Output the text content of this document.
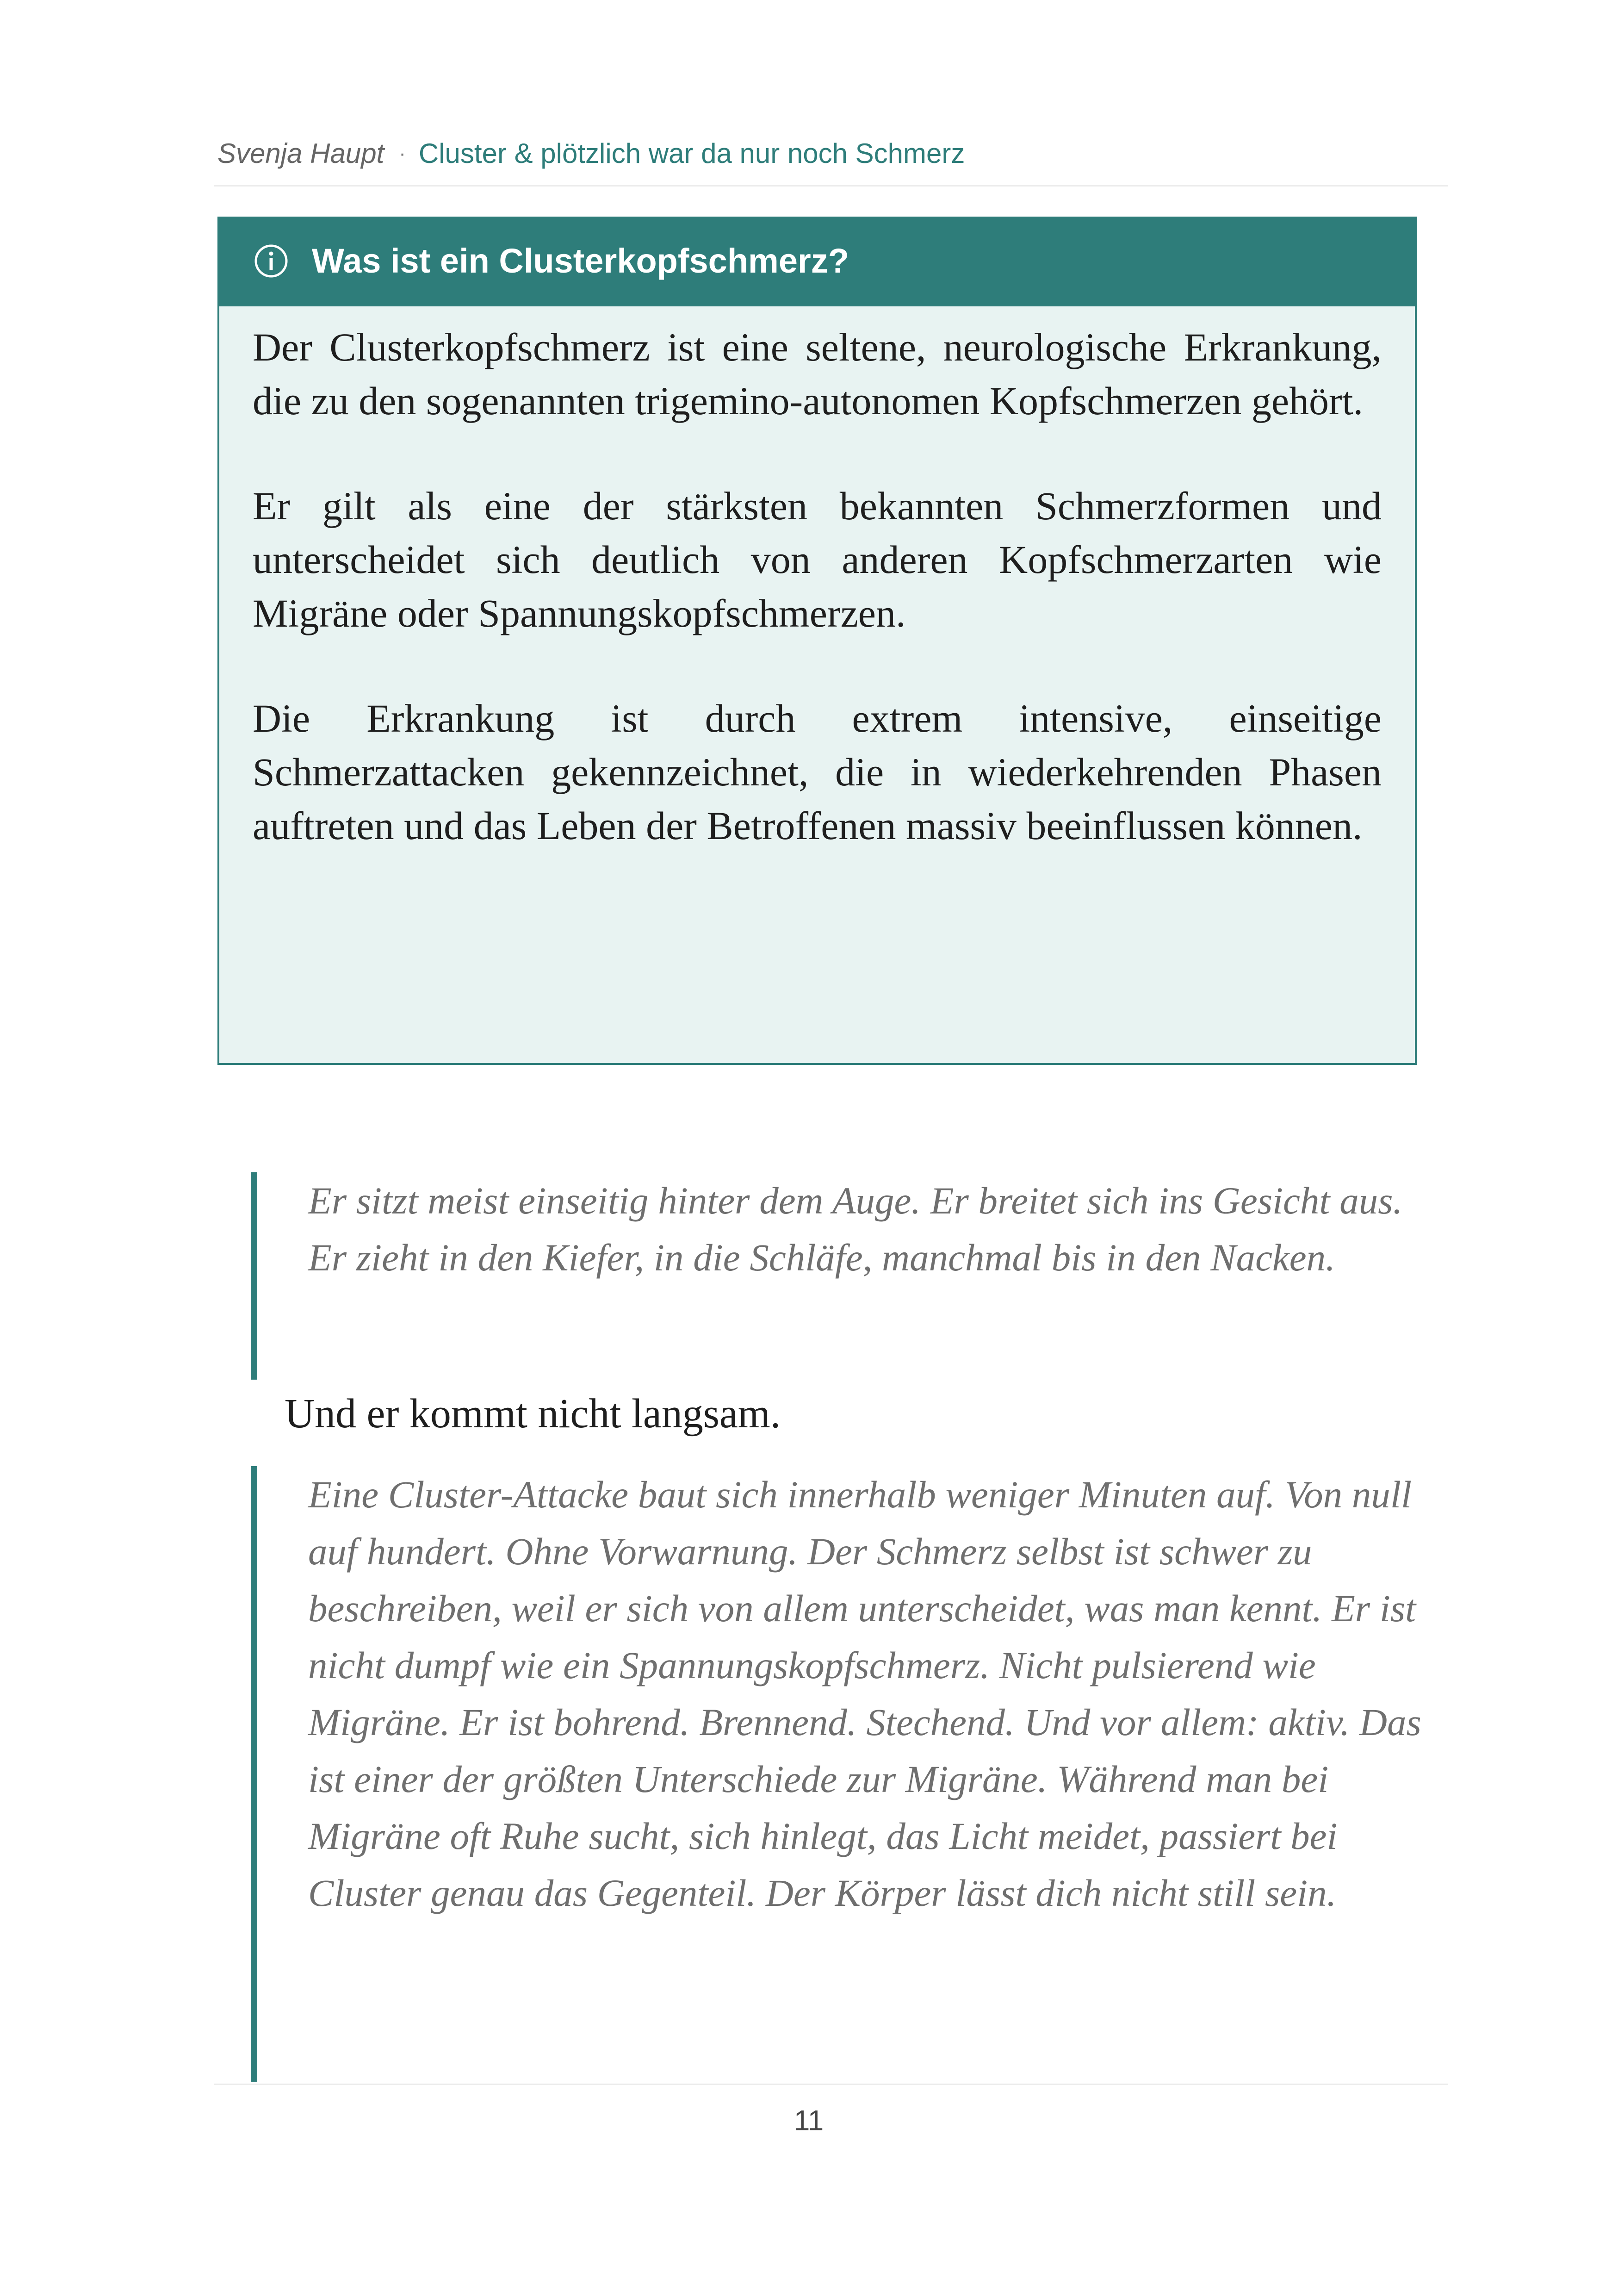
Svenja Haupt · Cluster & plötzlich war da nur noch Schmerz
Was ist ein Clusterkopfschmerz?

Der Clusterkopfschmerz ist eine seltene, neurologische Erkrankung, die zu den sogenannten trigemino-autonomen Kopfschmerzen gehört.

Er gilt als eine der stärksten bekannten Schmerzformen und unterscheidet sich deutlich von anderen Kopfschmerzarten wie Migräne oder Spannungskopfschmerzen.

Die Erkrankung ist durch extrem intensive, einseitige Schmerzattacken gekennzeichnet, die in wiederkehrenden Phasen auftreten und das Leben der Betroffenen massiv beeinflussen können.

Er sitzt meist einseitig hinter dem Auge. Er breitet sich ins Gesicht aus. Er zieht in den Kiefer, in die Schläfe, manchmal bis in den Nacken.
Und er kommt nicht langsam.
Eine Cluster-Attacke baut sich innerhalb weniger Minuten auf. Von null auf hundert. Ohne Vorwarnung. Der Schmerz selbst ist schwer zu beschreiben, weil er sich von allem unterscheidet, was man kennt. Er ist nicht dumpf wie ein Spannungskopfschmerz. Nicht pulsierend wie Migräne. Er ist bohrend. Brennend. Stechend. Und vor allem: aktiv. Das ist einer der größten Unterschiede zur Migräne. Während man bei Migräne oft Ruhe sucht, sich hinlegt, das Licht meidet, passiert bei Cluster genau das Gegenteil. Der Körper lässt dich nicht still sein.
11
